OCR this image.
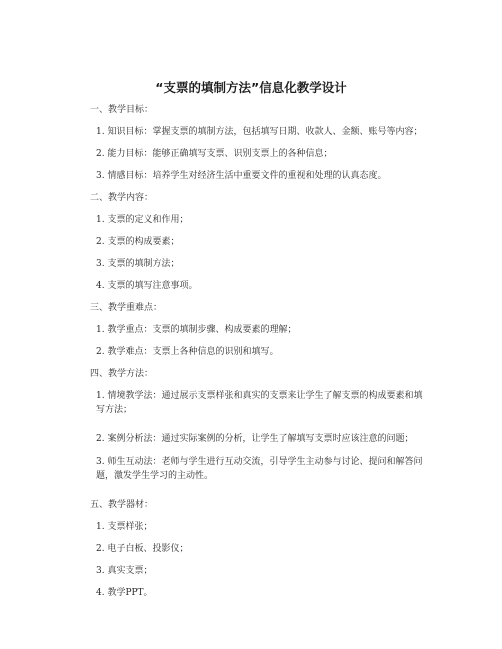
“支票的填制方法”信息化教学设计
一、教学目标：
1. 知识目标：掌握支票的填制方法，包括填写日期、收款人、金额、账号等内容；
2. 能力目标：能够正确填写支票、识别支票上的各种信息；
3. 情感目标：培养学生对经济生活中重要文件的重视和处理的认真态度。
二、教学内容：
1. 支票的定义和作用；
2. 支票的构成要素；
3. 支票的填制方法；
4. 支票的填写注意事项。
三、教学重难点：
1. 教学重点：支票的填制步骤、构成要素的理解；
2. 教学难点：支票上各种信息的识别和填写。
四、教学方法：
1. 情境教学法：通过展示支票样张和真实的支票来让学生了解支票的构成要素和填写方法；
2. 案例分析法：通过实际案例的分析，让学生了解填写支票时应该注意的问题；
3. 师生互动法：老师与学生进行互动交流，引导学生主动参与讨论、提问和解答问题，激发学生学习的主动性。
五、教学器材：
1. 支票样张；
2. 电子白板、投影仪；
3. 真实支票；
4. 教学PPT。
